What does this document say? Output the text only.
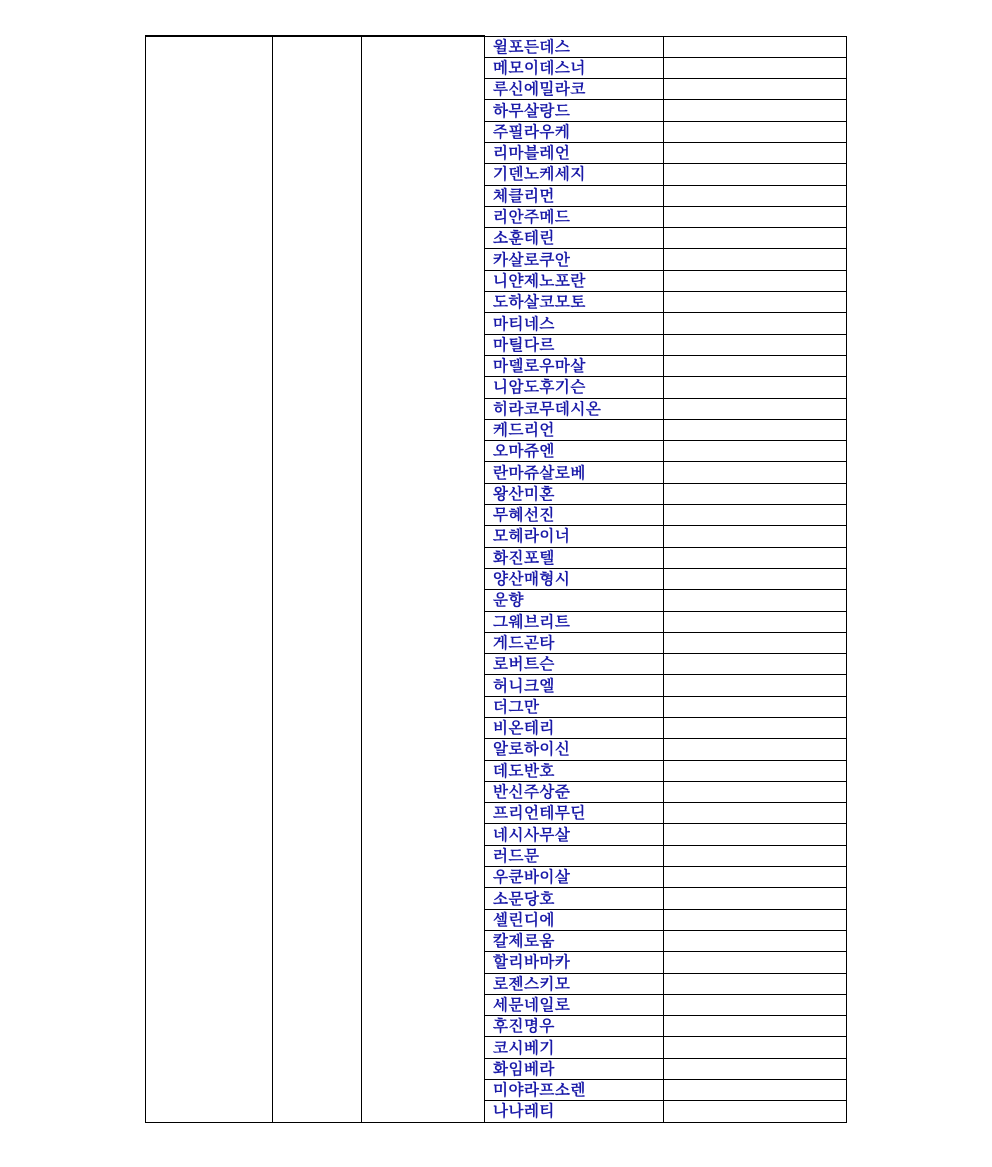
			윌포든데스	
			메모이데스너	
			루신에밀라코	
			하무살랑드	
			주필라우케	
			리마블레언	
			기덴노케세지	
			체클리먼	
			리안주메드	
			소훈테린	
			카살로쿠안	
			니얀제노포란	
			도하살코모토	
			마티네스	
			마틸다르	
			마델로우마살	
			니암도후기슨	
			히라코무데시온	
			케드리언	
			오마쥬엔	
			란마쥬살로베	
			왕산미혼	
			무혜선진	
			모헤라이너	
			화진포텔	
			양산매형시	
			운향	
			그웨브리트	
			게드곤타	
			로버트슨	
			허니크엘	
			더그만	
			비온테리	
			알로하이신	
			데도반호	
			반신주상준	
			프리언테무딘	
			네시사무살	
			러드문	
			우쿤바이살	
			소문당호	
			셀린디에	
			칼제로움	
			할리바마카	
			로젠스키모	
			세문네일로	
			후진명우	
			코시베기	
			화임베라	
			미야라프소렌	
			나나레티	
